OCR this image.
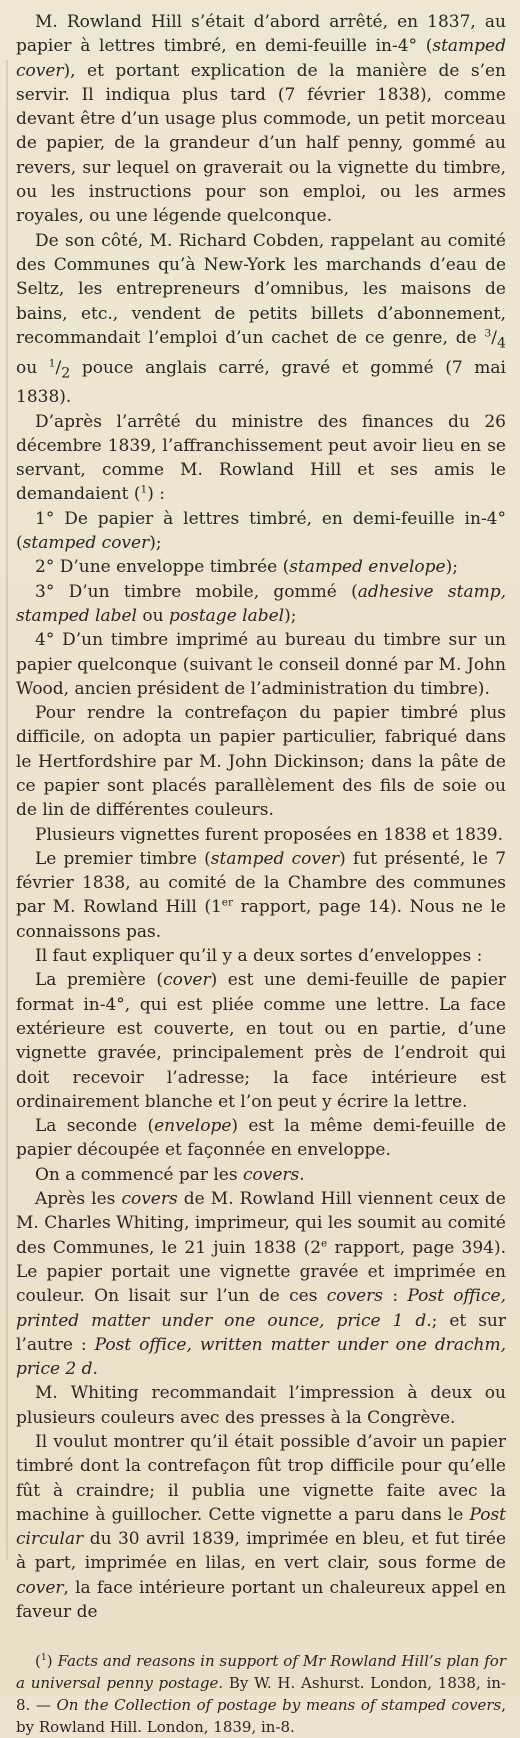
M. Rowland Hill s’était d’abord arrêté, en 1837, au papier à lettres timbré, en demi-feuille in-4° (stamped cover), et portant explication de la manière de s’en servir. Il indiqua plus tard (7 février 1838), comme devant être d’un usage plus commode, un petit morceau de papier, de la grandeur d’un half penny, gommé au revers, sur lequel on graverait ou la vignette du timbre, ou les instructions pour son emploi, ou les armes royales, ou une légende quelconque.

De son côté, M. Richard Cobden, rappelant au comité des Communes qu’à New-York les marchands d’eau de Seltz, les entrepreneurs d’omnibus, les maisons de bains, etc., vendent de petits billets d’abonnement, recommandait l’emploi d’un cachet de ce genre, de $^3/_4$ ou $^1/_2$ pouce anglais carré, gravé et gommé (7 mai 1838).

D’après l’arrêté du ministre des finances du 26 décembre 1839, l’affranchissement peut avoir lieu en se servant, comme M. Rowland Hill et ses amis le demandaient ($^1$) :

1° De papier à lettres timbré, en demi-feuille in-4° (stamped cover);

2° D’une enveloppe timbrée (stamped envelope);

3° D’un timbre mobile, gommé (adhesive stamp, stamped label ou postage label);

4° D’un timbre imprimé au bureau du timbre sur un papier quelconque (suivant le conseil donné par M. John Wood, ancien président de l’administration du timbre).

Pour rendre la contrefaçon du papier timbré plus difficile, on adopta un papier particulier, fabriqué dans le Hertfordshire par M. John Dickinson; dans la pâte de ce papier sont placés parallèlement des fils de soie ou de lin de différentes couleurs.

Plusieurs vignettes furent proposées en 1838 et 1839.

Le premier timbre (stamped cover) fut présenté, le 7 février 1838, au comité de la Chambre des communes par M. Rowland Hill (1er rapport, page 14). Nous ne le connaissons pas.

Il faut expliquer qu’il y a deux sortes d’enveloppes :

La première (cover) est une demi-feuille de papier format in-4°, qui est pliée comme une lettre. La face extérieure est couverte, en tout ou en partie, d’une vignette gravée, principalement près de l’endroit qui doit recevoir l’adresse; la face intérieure est ordinairement blanche et l’on peut y écrire la lettre.

La seconde (envelope) est la même demi-feuille de papier découpée et façonnée en enveloppe.

On a commencé par les covers.

Après les covers de M. Rowland Hill viennent ceux de M. Charles Whiting, imprimeur, qui les soumit au comité des Communes, le 21 juin 1838 (2e rapport, page 394). Le papier portait une vignette gravée et imprimée en couleur. On lisait sur l’un de ces covers : Post office, printed matter under one ounce, price 1 d.; et sur l’autre : Post office, written matter under one drachm, price 2 d.

M. Whiting recommandait l’impression à deux ou plusieurs couleurs avec des presses à la Congrève.

Il voulut montrer qu’il était possible d’avoir un papier timbré dont la contrefaçon fût trop difficile pour qu’elle fût à craindre; il publia une vignette faite avec la machine à guillocher. Cette vignette a paru dans le Post circular du 30 avril 1839, imprimée en bleu, et fut tirée à part, imprimée en lilas, en vert clair, sous forme de cover, la face intérieure portant un chaleureux appel en faveur de

($^1$) Facts and reasons in support of Mr Rowland Hill’s plan for a universal penny postage. By W. H. Ashurst. London, 1838, in-8. — On the Collection of postage by means of stamped covers, by Rowland Hill. London, 1839, in-8.
